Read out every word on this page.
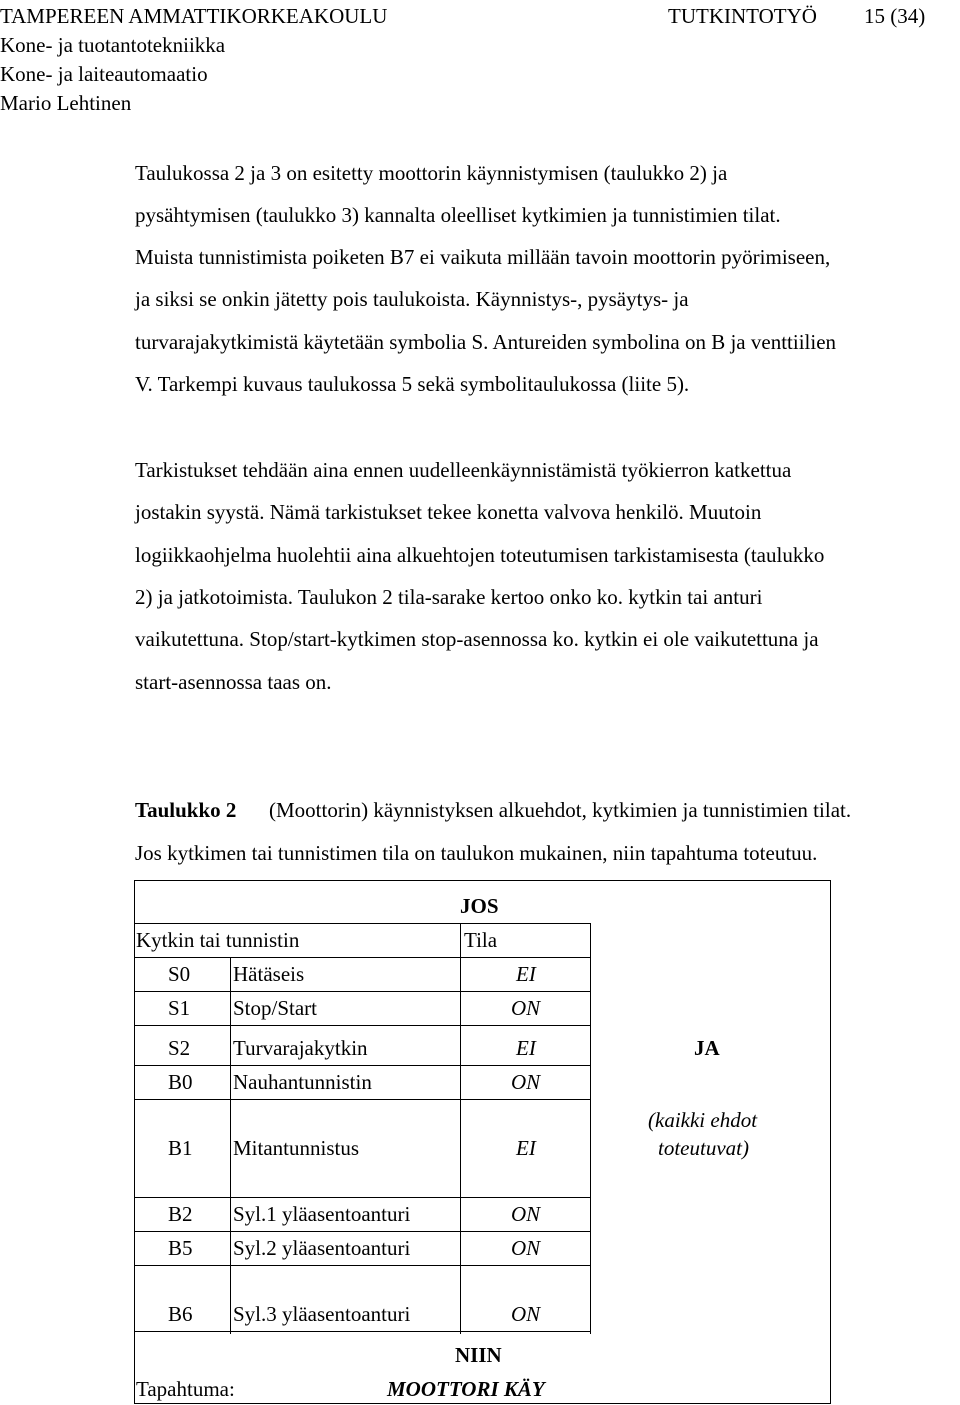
TAMPEREEN AMMATTIKORKEAKOULU	TUTKINTOTYÖ 15 (34)
Kone- ja tuotantotekniikka
Kone- ja laiteautomaatio
Mario Lehtinen
Taulukossa 2 ja 3 on esitetty moottorin käynnistymisen (taulukko 2) ja
pysähtymisen (taulukko 3) kannalta oleelliset kytkimien ja tunnistimien tilat.
Muista tunnistimista poiketen B7 ei vaikuta millään tavoin moottorin pyörimiseen,
ja siksi se onkin jätetty pois taulukoista. Käynnistys-, pysäytys- ja
turvarajakytkimistä käytetään symbolia S. Antureiden symbolina on B ja venttiilien
V. Tarkempi kuvaus taulukossa 5 sekä symbolitaulukossa (liite 5).
Tarkistukset tehdään aina ennen uudelleenkäynnistämistä työkierron katkettua
jostakin syystä. Nämä tarkistukset tekee konetta valvova henkilö. Muutoin
logiikkaohjelma huolehtii aina alkuehtojen toteutumisen tarkistamisesta (taulukko
2) ja jatkotoimista. Taulukon 2 tila-sarake kertoo onko ko. kytkin tai anturi
vaikutettuna. Stop/start-kytkimen stop-asennossa ko. kytkin ei ole vaikutettuna ja
start-asennossa taas on.
Taulukko 2 (Moottorin) käynnistyksen alkuehdot, kytkimien ja tunnistimien tilat.
Jos kytkimen tai tunnistimen tila on taulukon mukainen, niin tapahtuma toteutuu.
JOS
Kytkin tai tunnistin	Tila
S0 Hätäseis	EI
S1 Stop/Start	ON
S2 Turvarajakytkin	EI
B0 Nauhantunnistin	ON
B1 Mitantunnistus	EI
B2 Syl.1 yläasentoanturi	ON
B5 Syl.2 yläasentoanturi	ON
B6 Syl.3 yläasentoanturi	ON
JA
(kaikki ehdot
toteutuvat)
NIIN
Tapahtuma:	MOOTTORI KÄY
